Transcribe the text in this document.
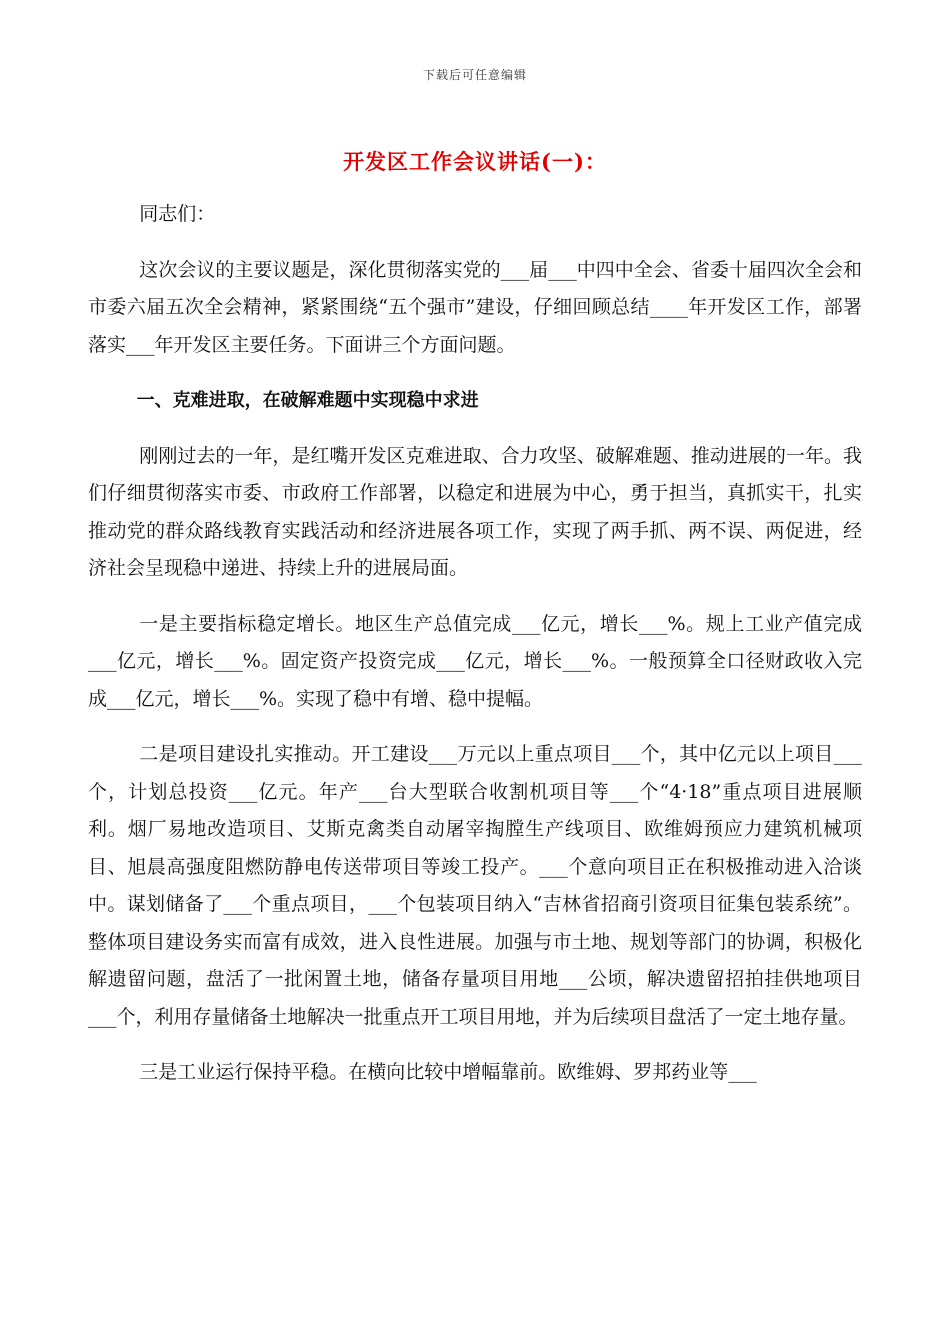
下载后可任意编辑
开发区工作会议讲话(一)：

同志们：

这次会议的主要议题是，深化贯彻落实党的___届___中四中全会、省委十届四次全会和市委六届五次全会精神，紧紧围绕“五个强市”建设，仔细回顾总结____年开发区工作，部署落实___年开发区主要任务。下面讲三个方面问题。

一、克难进取，在破解难题中实现稳中求进

刚刚过去的一年，是红嘴开发区克难进取、合力攻坚、破解难题、推动进展的一年。我们仔细贯彻落实市委、市政府工作部署，以稳定和进展为中心，勇于担当，真抓实干，扎实推动党的群众路线教育实践活动和经济进展各项工作，实现了两手抓、两不误、两促进，经济社会呈现稳中递进、持续上升的进展局面。

一是主要指标稳定增长。地区生产总值完成___亿元，增长___%。规上工业产值完成___亿元，增长___%。固定资产投资完成___亿元，增长___%。一般预算全口径财政收入完成___亿元，增长___%。实现了稳中有增、稳中提幅。

二是项目建设扎实推动。开工建设___万元以上重点项目___个，其中亿元以上项目___个，计划总投资___亿元。年产___台大型联合收割机项目等___个“4·18”重点项目进展顺利。烟厂易地改造项目、艾斯克禽类自动屠宰掏膛生产线项目、欧维姆预应力建筑机械项目、旭晨高强度阻燃防静电传送带项目等竣工投产。___个意向项目正在积极推动进入洽谈中。谋划储备了___个重点项目，___个包装项目纳入“吉林省招商引资项目征集包装系统”。整体项目建设务实而富有成效，进入良性进展。加强与市土地、规划等部门的协调，积极化解遗留问题，盘活了一批闲置土地，储备存量项目用地___公顷，解决遗留招拍挂供地项目___个，利用存量储备土地解决一批重点开工项目用地，并为后续项目盘活了一定土地存量。

三是工业运行保持平稳。在横向比较中增幅靠前。欧维姆、罗邦药业等___
